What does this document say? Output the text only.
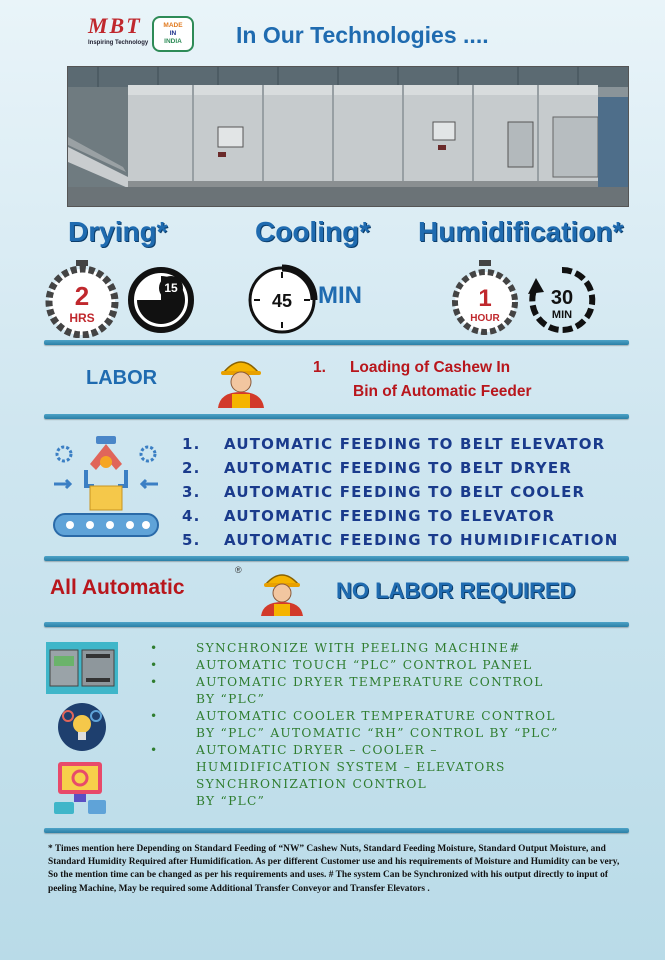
MBT
Inspiring Technology
MADE
IN
INDIA	In Our Technologies ....
Drying*	Cooling* Humidification*
2
HRS
15
45 MIN	1
HOUR
30
MIN
LABOR	1. Loading of Cashew In
Bin of Automatic Feeder
1. AUTOMATIC FEEDING TO BELT ELEVATOR
2. AUTOMATIC FEEDING TO BELT DRYER
3. AUTOMATIC FEEDING TO BELT COOLER
4. AUTOMATIC FEEDING TO ELEVATOR
5. AUTOMATIC FEEDING TO HUMIDIFICATION
All Automatic
®
NO LABOR REQUIRED
•	SYNCHRONIZE WITH PEELING MACHINE#
•	AUTOMATIC TOUCH “PLC” CONTROL PANEL
•	AUTOMATIC DRYER TEMPERATURE CONTROL
BY “PLC”
•	AUTOMATIC COOLER TEMPERATURE CONTROL
BY “PLC” AUTOMATIC “RH” CONTROL BY “PLC”
•	AUTOMATIC DRYER – COOLER –
HUMIDIFICATION SYSTEM – ELEVATORS
SYNCHRONIZATION CONTROL
BY “PLC”
* Times mention here Depending on Standard Feeding of “NW” Cashew Nuts, Standard Feeding Moisture, Standard Output Moisture, and Standard Humidity Required after Humidification. As per different Customer use and his requirements of Moisture and Humidity can be very, So the mention time can be changed as per his requirements and uses. # The system Can be Synchronized with his output directly to input of peeling Machine, May be required some Additional Transfer Conveyor and Transfer Elevators .
